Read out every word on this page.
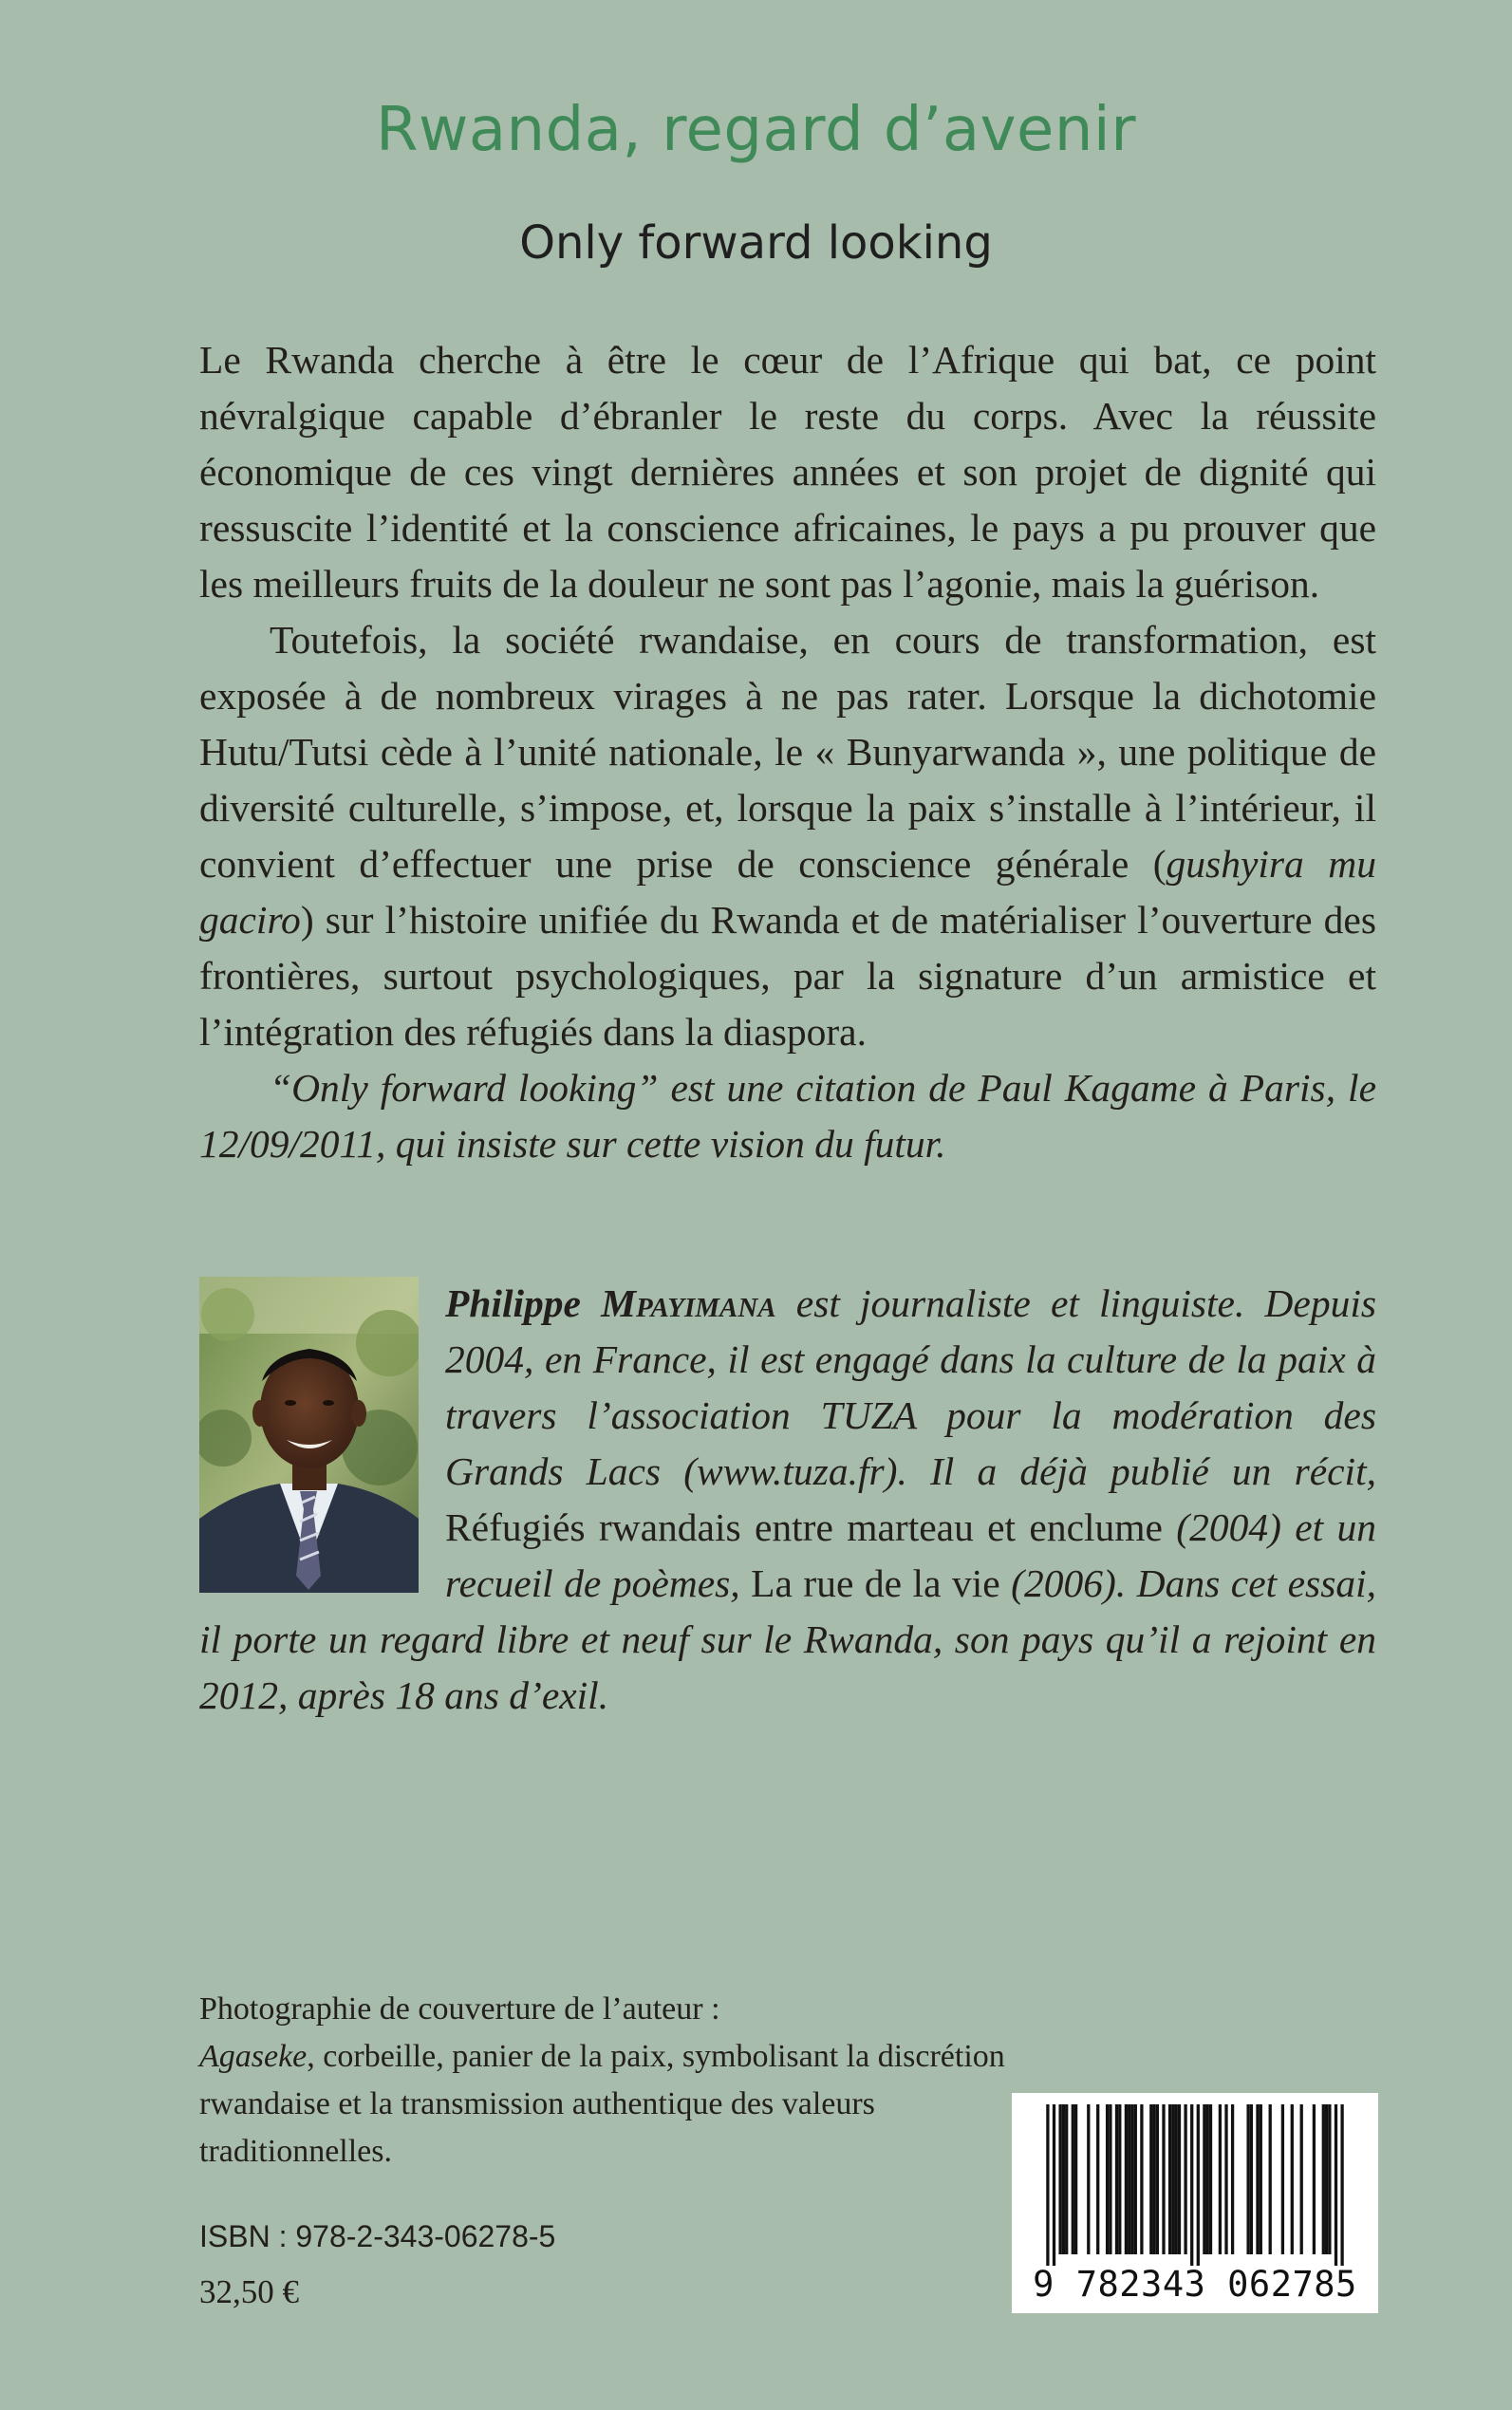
Rwanda, regard d’avenir
Only forward looking

Le Rwanda cherche à être le cœur de l’Afrique qui bat, ce point névralgique capable d’ébranler le reste du corps. Avec la réussite économique de ces vingt dernières années et son projet de dignité qui ressuscite l’identité et la conscience africaines, le pays a pu prouver que les meilleurs fruits de la douleur ne sont pas l’agonie, mais la guérison.

Toutefois, la société rwandaise, en cours de transformation, est exposée à de nombreux virages à ne pas rater. Lorsque la dichotomie Hutu/Tutsi cède à l’unité nationale, le « Bunyarwanda », une politique de diversité culturelle, s’impose, et, lorsque la paix s’installe à l’intérieur, il convient d’effectuer une prise de conscience générale (gushyira mu gaciro) sur l’histoire unifiée du Rwanda et de matérialiser l’ouverture des frontières, surtout psychologiques, par la signature d’un armistice et l’intégration des réfugiés dans la diaspora.

“Only forward looking” est une citation de Paul Kagame à Paris, le 12/09/2011, qui insiste sur cette vision du futur.

Philippe Mpayimana est journaliste et linguiste. Depuis 2004, en France, il est engagé dans la culture de la paix à travers l’association TUZA pour la modération des Grands Lacs (www.tuza.fr). Il a déjà publié un récit, Réfugiés rwandais entre marteau et enclume (2004) et un recueil de poèmes, La rue de la vie (2006). Dans cet essai, il porte un regard libre et neuf sur le Rwanda, son pays qu’il a rejoint en 2012, après 18 ans d’exil.

Photographie de couverture de l’auteur :

Agaseke, corbeille, panier de la paix, symbolisant la discrétion rwandaise et la transmission authentique des valeurs traditionnelles.

ISBN : 978-2-343-06278-5
32,50 €	9 782343 062785
